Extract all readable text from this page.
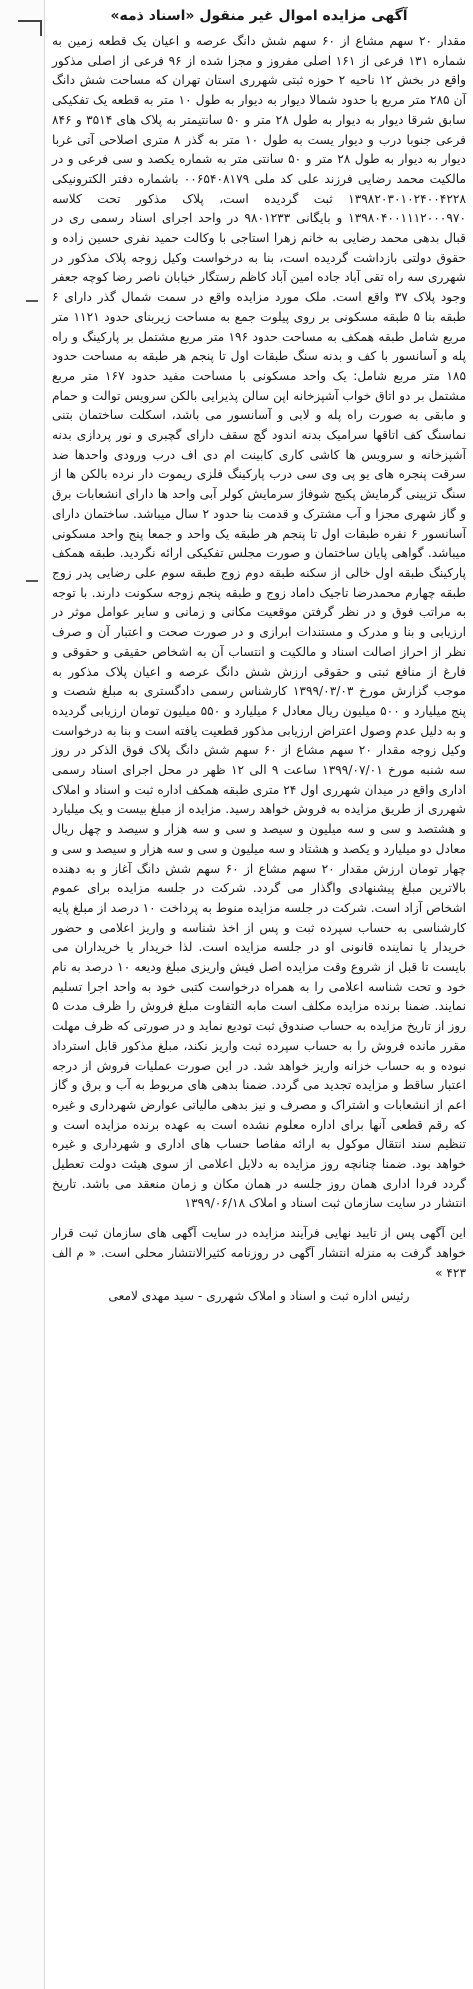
آگهی مزایده اموال غیر منقول «اسناد ذمه»

مقدار ۲۰ سهم مشاع از ۶۰ سهم شش دانگ عرصه و اعیان یک قطعه زمین به شماره ۱۳۱ فرعی از ۱۶۱ اصلی مفروز و مجزا شده از ۹۶ فرعی از اصلی مذکور واقع در بخش ۱۲ ناحیه ۲ حوزه ثبتی شهرری استان تهران که مساحت شش دانگ آن ۲۸۵ متر مربع با حدود شمالا دیوار به دیوار به طول ۱۰ متر به قطعه یک تفکیکی سابق شرقا دیوار به دیوار به طول ۲۸ متر و ۵۰ سانتیمتر به پلاک های ۳۵۱۴ و ۸۴۶ فرعی جنوبا درب و دیوار یست به طول ۱۰ متر به گذر ۸ متری اصلاحی آتی غربا دیوار به دیوار به طول ۲۸ متر و ۵۰ سانتی متر به شماره یکصد و سی فرعی و در مالکیت محمد رضایی فرزند علی کد ملی ۰۰۶۵۴۰۸۱۷۹ باشماره دفتر الکترونیکی ۱۳۹۸۲۰۳۰۱۰۲۴۰۰۴۲۲۸ ثبت گردیده است، پلاک مذکور تحت کلاسه ۱۳۹۸۰۴۰۰۱۱۱۲۰۰۰۹۷۰ و بایگانی ۹۸۰۱۲۳۳ در واحد اجرای اسناد رسمی ری در قبال بدهی محمد رضایی به خانم زهرا استاجی با وکالت حمید نفری حسین زاده و حقوق دولتی بازداشت گردیده است، بنا به درخواست وکیل زوجه پلاک مذکور در شهرری سه راه تقی آباد جاده امین آباد کاظم رستگار خیابان ناصر رضا کوچه جعفر وجود پلاک ۳۷ واقع است. ملک مورد مزایده واقع در سمت شمال گذر دارای ۶ طبقه بنا ۵ طبقه مسکونی بر روی پیلوت جمع به مساحت زیربنای حدود ۱۱۲۱ متر مربع شامل طبقه همکف به مساحت حدود ۱۹۶ متر مربع مشتمل بر پارکینگ و راه پله و آسانسور با کف و بدنه سنگ طبقات اول تا پنجم هر طبقه به مساحت حدود ۱۸۵ متر مربع شامل: یک واحد مسکونی با مساحت مفید حدود ۱۶۷ متر مربع مشتمل بر دو اتاق خواب آشپزخانه اپن سالن پذیرایی بالکن سرویس توالت و حمام و مابقی به صورت راه پله و لابی و آسانسور می باشد، اسکلت ساختمان بتنی نماسنگ کف اتاقها سرامیک بدنه اندود گچ سقف دارای گچبری و نور پردازی بدنه آشپزخانه و سرویس ها کاشی کاری کابینت ام دی اف درب ورودی واحدها ضد سرقت پنجره های یو پی وی سی درب پارکینگ فلزی ریموت دار نرده بالکن ها از سنگ تزیینی گرمایش پکیج شوفاژ سرمایش کولر آبی واحد ها دارای انشعابات برق و گاز شهری مجزا و آب مشترک و قدمت بنا حدود ۲ سال میباشد. ساختمان دارای آسانسور ۶ نفره طبقات اول تا پنجم هر طبقه یک واحد و جمعا پنج واحد مسکونی میباشد. گواهی پایان ساختمان و صورت مجلس تفکیکی ارائه نگردید. طبقه همکف پارکینگ طبقه اول خالی از سکنه طبقه دوم زوج طبقه سوم علی رضایی پدر زوج طبقه چهارم محمدرضا تاجیک داماد زوج و طبقه پنجم زوجه سکونت دارند. با توجه به مراتب فوق و در نظر گرفتن موقعیت مکانی و زمانی و سایر عوامل موثر در ارزیابی و بنا و مدرک و مستندات ابرازی و در صورت صحت و اعتبار آن و صرف نظر از احراز اصالت اسناد و مالکیت و انتساب آن به اشخاص حقیقی و حقوقی و فارغ از منافع ثبتی و حقوقی ارزش شش دانگ عرصه و اعیان پلاک مذکور به موجب گزارش مورخ ۱۳۹۹/۰۳/۰۳ کارشناس رسمی دادگستری به مبلغ شصت و پنج میلیارد و ۵۰۰ میلیون ریال معادل ۶ میلیارد و ۵۵۰ میلیون تومان ارزیابی گردیده و به دلیل عدم وصول اعتراض ارزیابی مذکور قطعیت یافته است و بنا به درخواست وکیل زوجه مقدار ۲۰ سهم مشاع از ۶۰ سهم شش دانگ پلاک فوق الذکر در روز سه شنبه مورخ ۱۳۹۹/۰۷/۰۱ ساعت ۹ الی ۱۲ ظهر در محل اجرای اسناد رسمی اداری واقع در میدان شهرری اول ۲۴ متری طبقه همکف اداره ثبت و اسناد و املاک شهرری از طریق مزایده به فروش خواهد رسید. مزایده از مبلغ بیست و یک میلیارد و هشتصد و سی و سه میلیون و سیصد و سی و سه هزار و سیصد و چهل ریال معادل دو میلیارد و یکصد و هشتاد و سه میلیون و سی و سه هزار و سیصد و سی و چهار تومان ارزش مقدار ۲۰ سهم مشاع از ۶۰ سهم شش دانگ آغاز و به دهنده بالاترین مبلغ پیشنهادی واگذار می گردد. شرکت در جلسه مزایده برای عموم اشخاص آزاد است. شرکت در جلسه مزایده منوط به پرداخت ۱۰ درصد از مبلغ پایه کارشناسی به حساب سپرده ثبت و پس از اخذ شناسه و واریز اعلامی و حضور خریدار یا نماینده قانونی او در جلسه مزایده است. لذا خریدار یا خریداران می بایست تا قبل از شروع وقت مزایده اصل فیش واریزی مبلغ ودیعه ۱۰ درصد به نام خود و تحت شناسه اعلامی را به همراه درخواست کتبی خود به واحد اجرا تسلیم نمایند. ضمنا برنده مزایده مکلف است مابه التفاوت مبلغ فروش را ظرف مدت ۵ روز از تاریخ مزایده به حساب صندوق ثبت تودیع نماید و در صورتی که ظرف مهلت مقرر مانده فروش را به حساب سپرده ثبت واریز نکند، مبلغ مذکور قابل استرداد نبوده و به حساب خزانه واریز خواهد شد. در این صورت عملیات فروش از درجه اعتبار ساقط و مزایده تجدید می گردد. ضمنا بدهی های مربوط به آب و برق و گاز اعم از انشعابات و اشتراک و مصرف و نیز بدهی مالیاتی عوارض شهرداری و غیره که رقم قطعی آنها برای اداره معلوم نشده است به عهده برنده مزایده است و تنظیم سند انتقال موکول به ارائه مفاصا حساب های اداری و شهرداری و غیره خواهد بود. ضمنا چنانچه روز مزایده به دلایل اعلامی از سوی هیئت دولت تعطیل گردد فردا اداری همان روز جلسه در همان مکان و زمان منعقد می باشد. تاریخ انتشار در سایت سازمان ثبت اسناد و املاک ۱۳۹۹/۰۶/۱۸

این آگهی پس از تایید نهایی فرآیند مزایده در سایت آگهی های سازمان ثبت قرار خواهد گرفت به منزله انتشار آگهی در روزنامه کثیرالانتشار محلی است. « م الف ۴۲۳ »

رئیس اداره ثبت و اسناد و املاک شهرری - سید مهدی لامعی
